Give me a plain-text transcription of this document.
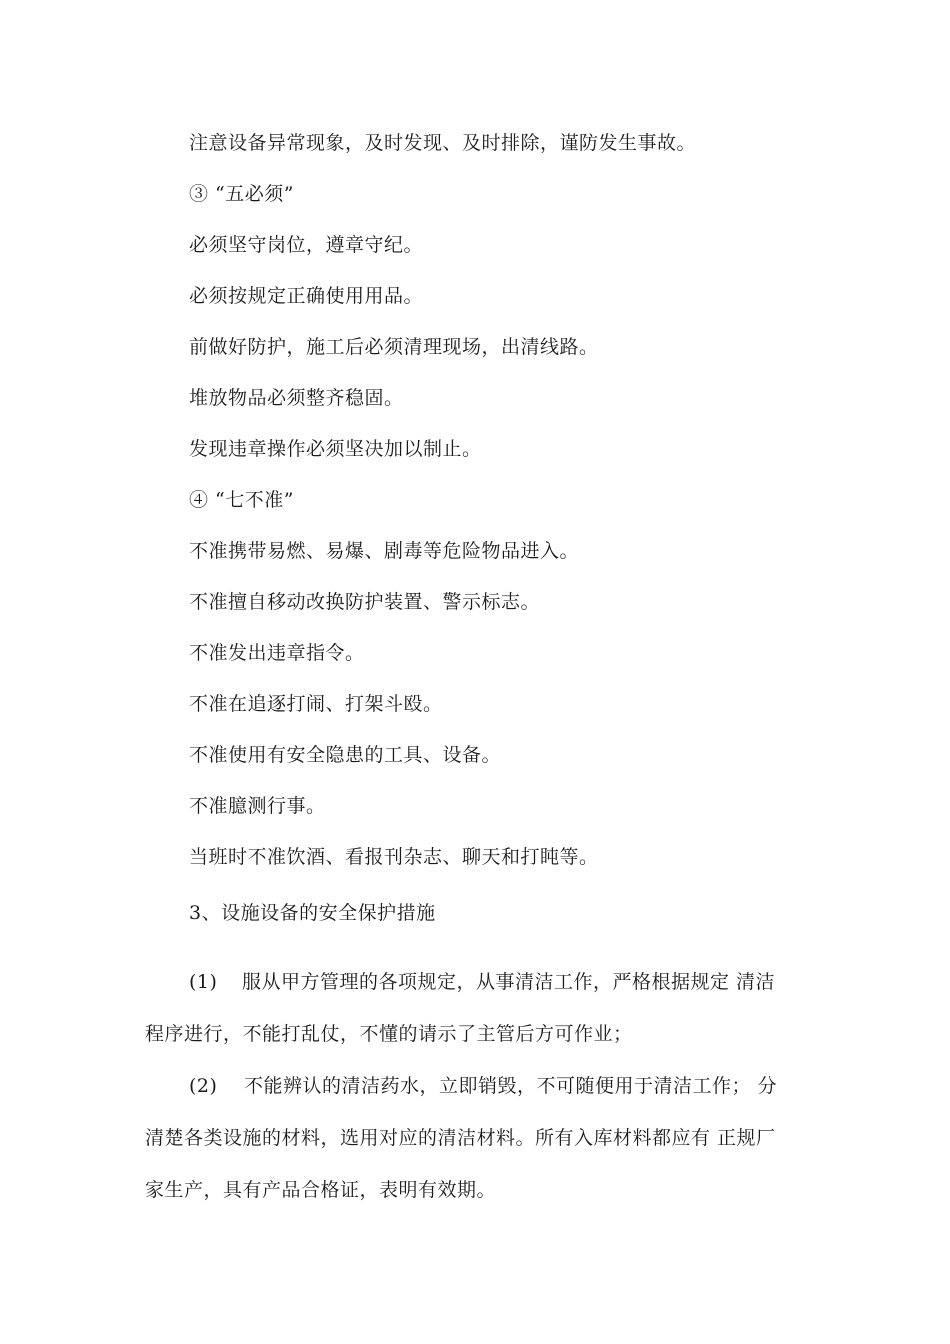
注意设备异常现象，及时发现、及时排除，谨防发生事故。
③ “五必须”
必须坚守岗位，遵章守纪。
必须按规定正确使用用品。
前做好防护，施工后必须清理现场，出清线路。
堆放物品必须整齐稳固。
发现违章操作必须坚决加以制止。
④ “七不准”
不准携带易燃、易爆、剧毒等危险物品进入。
不准擅自移动改换防护装置、警示标志。
不准发出违章指令。
不准在追逐打闹、打架斗殴。
不准使用有安全隐患的工具、设备。
不准臆测行事。
当班时不准饮酒、看报刊杂志、聊天和打盹等。
3、设施设备的安全保护措施
(1) 服从甲方管理的各项规定，从事清洁工作，严格根据规定 清洁
程序进行，不能打乱仗，不懂的请示了主管后方可作业；
(2) 不能辨认的清洁药水，立即销毁，不可随便用于清洁工作； 分
清楚各类设施的材料，选用对应的清洁材料。所有入库材料都应有 正规厂
家生产，具有产品合格证，表明有效期。
